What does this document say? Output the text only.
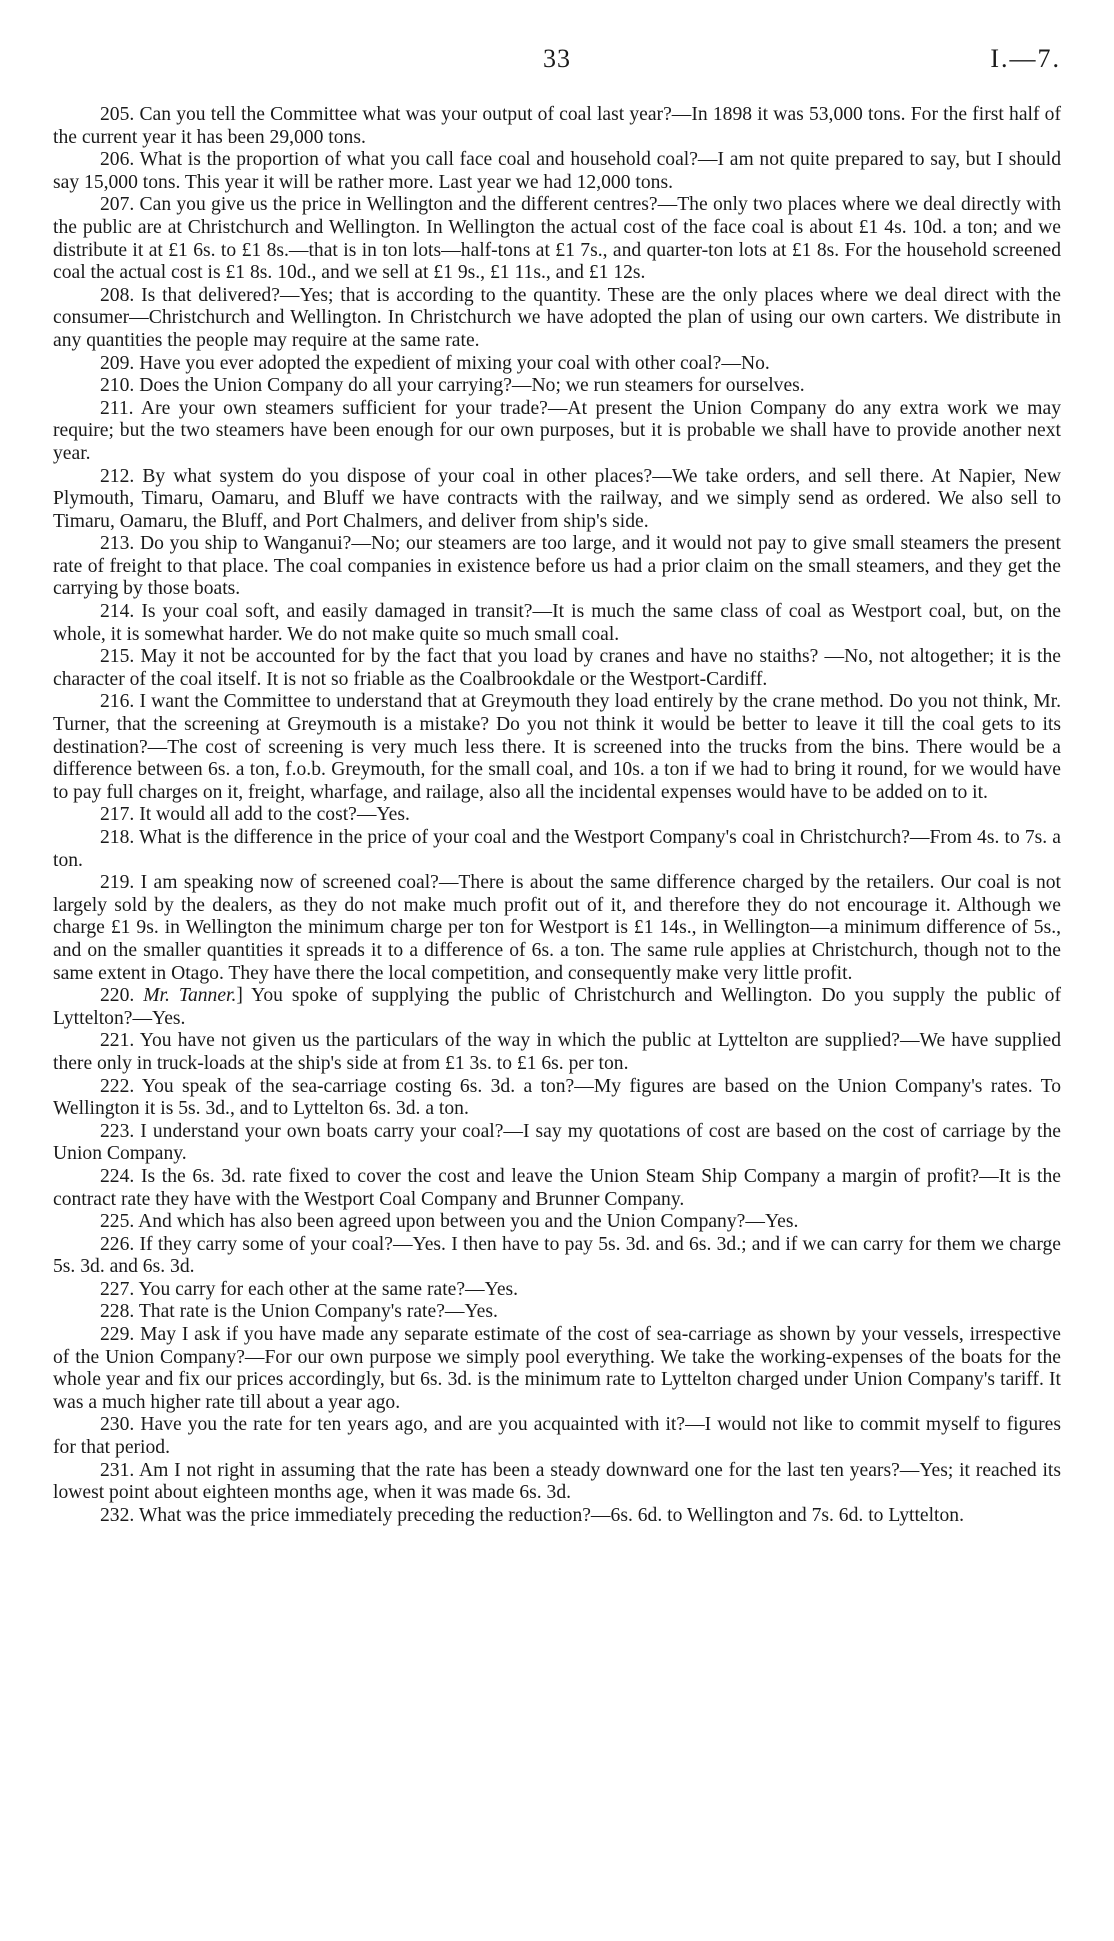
33	I.—7.

205. Can you tell the Committee what was your output of coal last year?—In 1898 it was 53,000 tons. For the first half of the current year it has been 29,000 tons.

206. What is the proportion of what you call face coal and household coal?—I am not quite prepared to say, but I should say 15,000 tons. This year it will be rather more. Last year we had 12,000 tons.

207. Can you give us the price in Wellington and the different centres?—The only two places where we deal directly with the public are at Christchurch and Wellington. In Wellington the actual cost of the face coal is about £1 4s. 10d. a ton; and we distribute it at £1 6s. to £1 8s.—that is in ton lots—half-tons at £1 7s., and quarter-ton lots at £1 8s. For the household screened coal the actual cost is £1 8s. 10d., and we sell at £1 9s., £1 11s., and £1 12s.

208. Is that delivered?—Yes; that is according to the quantity. These are the only places where we deal direct with the consumer—Christchurch and Wellington. In Christchurch we have adopted the plan of using our own carters. We distribute in any quantities the people may require at the same rate.

209. Have you ever adopted the expedient of mixing your coal with other coal?—No.

210. Does the Union Company do all your carrying?—No; we run steamers for ourselves.

211. Are your own steamers sufficient for your trade?—At present the Union Company do any extra work we may require; but the two steamers have been enough for our own purposes, but it is probable we shall have to provide another next year.

212. By what system do you dispose of your coal in other places?—We take orders, and sell there. At Napier, New Plymouth, Timaru, Oamaru, and Bluff we have contracts with the railway, and we simply send as ordered. We also sell to Timaru, Oamaru, the Bluff, and Port Chalmers, and deliver from ship's side.

213. Do you ship to Wanganui?—No; our steamers are too large, and it would not pay to give small steamers the present rate of freight to that place. The coal companies in existence before us had a prior claim on the small steamers, and they get the carrying by those boats.

214. Is your coal soft, and easily damaged in transit?—It is much the same class of coal as Westport coal, but, on the whole, it is somewhat harder. We do not make quite so much small coal.

215. May it not be accounted for by the fact that you load by cranes and have no staiths? —No, not altogether; it is the character of the coal itself. It is not so friable as the Coalbrookdale or the Westport-Cardiff.

216. I want the Committee to understand that at Greymouth they load entirely by the crane method. Do you not think, Mr. Turner, that the screening at Greymouth is a mistake? Do you not think it would be better to leave it till the coal gets to its destination?—The cost of screening is very much less there. It is screened into the trucks from the bins. There would be a difference between 6s. a ton, f.o.b. Greymouth, for the small coal, and 10s. a ton if we had to bring it round, for we would have to pay full charges on it, freight, wharfage, and railage, also all the incidental expenses would have to be added on to it.

217. It would all add to the cost?—Yes.

218. What is the difference in the price of your coal and the Westport Company's coal in Christchurch?—From 4s. to 7s. a ton.

219. I am speaking now of screened coal?—There is about the same difference charged by the retailers. Our coal is not largely sold by the dealers, as they do not make much profit out of it, and therefore they do not encourage it. Although we charge £1 9s. in Wellington the minimum charge per ton for Westport is £1 14s., in Wellington—a minimum difference of 5s., and on the smaller quantities it spreads it to a difference of 6s. a ton. The same rule applies at Christchurch, though not to the same extent in Otago. They have there the local competition, and consequently make very little profit.

220. Mr. Tanner.] You spoke of supplying the public of Christchurch and Wellington. Do you supply the public of Lyttelton?—Yes.

221. You have not given us the particulars of the way in which the public at Lyttelton are supplied?—We have supplied there only in truck-loads at the ship's side at from £1 3s. to £1 6s. per ton.

222. You speak of the sea-carriage costing 6s. 3d. a ton?—My figures are based on the Union Company's rates. To Wellington it is 5s. 3d., and to Lyttelton 6s. 3d. a ton.

223. I understand your own boats carry your coal?—I say my quotations of cost are based on the cost of carriage by the Union Company.

224. Is the 6s. 3d. rate fixed to cover the cost and leave the Union Steam Ship Company a margin of profit?—It is the contract rate they have with the Westport Coal Company and Brunner Company.

225. And which has also been agreed upon between you and the Union Company?—Yes.

226. If they carry some of your coal?—Yes. I then have to pay 5s. 3d. and 6s. 3d.; and if we can carry for them we charge 5s. 3d. and 6s. 3d.

227. You carry for each other at the same rate?—Yes.

228. That rate is the Union Company's rate?—Yes.

229. May I ask if you have made any separate estimate of the cost of sea-carriage as shown by your vessels, irrespective of the Union Company?—For our own purpose we simply pool everything. We take the working-expenses of the boats for the whole year and fix our prices accordingly, but 6s. 3d. is the minimum rate to Lyttelton charged under Union Company's tariff. It was a much higher rate till about a year ago.

230. Have you the rate for ten years ago, and are you acquainted with it?—I would not like to commit myself to figures for that period.

231. Am I not right in assuming that the rate has been a steady downward one for the last ten years?—Yes; it reached its lowest point about eighteen months age, when it was made 6s. 3d.

232. What was the price immediately preceding the reduction?—6s. 6d. to Wellington and 7s. 6d. to Lyttelton.
